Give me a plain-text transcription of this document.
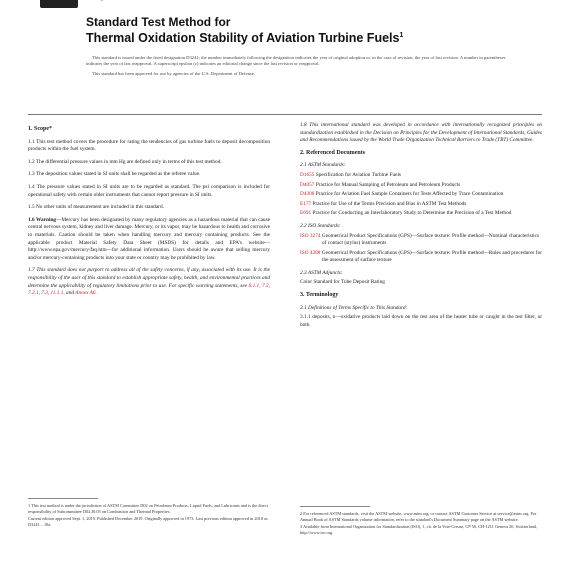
Standard Test Method for
Thermal Oxidation Stability of Aviation Turbine Fuels$^1$

This standard is issued under the fixed designation D3241; the number immediately following the designation indicates the year of original adoption or, in the case of revision, the year of last revision. A number in parentheses indicates the year of last reapproval. A superscript epsilon (ε) indicates an editorial change since the last revision or reapproval.

This standard has been approved for use by agencies of the U.S. Department of Defense.

1. Scope*

1.1 This test method covers the procedure for rating the tendencies of gas turbine fuels to deposit decomposition products within the fuel system.

1.2 The differential pressure values in mm Hg are defined only in terms of this test method.

1.3 The deposition values stated in SI units shall be regarded as the referee value.

1.4 The pressure values stated in SI units are to be regarded as standard. The psi comparison is included for operational safety with certain older instruments that cannot report pressure in SI units.

1.5 No other units of measurement are included in this standard.

1.6 Warning—Mercury has been designated by many regulatory agencies as a hazardous material that can cause central nervous system, kidney and liver damage. Mercury, or its vapor, may be hazardous to health and corrosive to materials. Caution should be taken when handling mercury and mercury containing products. See the applicable product Material Safety Data Sheet (MSDS) for details and EPA's website—http://www.epa.gov/mercury/faq.htm—for additional information. Users should be aware that selling mercury and/or mercury-containing products into your state or country may be prohibited by law.

1.7 This standard does not purport to address all of the safety concerns, if any, associated with its use. It is the responsibility of the user of this standard to establish appropriate safety, health, and environmental practices and determine the applicability of regulatory limitations prior to use. For specific warning statements, see 6.1.1, 7.2, 7.2.1, 7.3, 11.1.1, and Annex A6.

1 This test method is under the jurisdiction of ASTM Committee D02 on Petroleum Products, Liquid Fuels, and Lubricants and is the direct responsibility of Subcommittee D02.J0.03 on Combustion and Thermal Properties.

Current edition approved Sept. 1, 2019. Published December 2019. Originally approved in 1973. Last previous edition approved in 2018 as D3241 – 18a.

1.8 This international standard was developed in accordance with internationally recognized principles on standardization established in the Decision on Principles for the Development of International Standards, Guides and Recommendations issued by the World Trade Organization Technical Barriers to Trade (TBT) Committee.

2. Referenced Documents

2.1 ASTM Standards:

D1655 Specification for Aviation Turbine Fuels
D4057 Practice for Manual Sampling of Petroleum and Petroleum Products
D4306 Practice for Aviation Fuel Sample Containers for Tests Affected by Trace Contamination
E177 Practice for Use of the Terms Precision and Bias in ASTM Test Methods
E691 Practice for Conducting an Interlaboratory Study to Determine the Precision of a Test Method

2.2 ISO Standards:

ISO 3274 Geometrical Product Specifications (GPS)—Surface texture: Profile method—Nominal characteristics of contact (stylus) instruments
ISO 4288 Geometrical Product Specifications (GPS)—Surface texture: Profile method—Rules and procedures for the assessment of surface texture

2.3 ASTM Adjuncts:

Color Standard for Tube Deposit Rating

3. Terminology

3.1 Definitions of Terms Specific to This Standard:

3.1.1 deposits, n—oxidative products laid down on the test area of the heater tube or caught in the test filter, or both.

2 For referenced ASTM standards, visit the ASTM website, www.astm.org, or contact ASTM Customer Service at service@astm.org. For Annual Book of ASTM Standards volume information, refer to the standard's Document Summary page on the ASTM website.

3 Available from International Organization for Standardization (ISO), 1, ch. de la Voie-Creuse, CP 56, CH-1211 Geneva 20, Switzerland, http://www.iso.org.
